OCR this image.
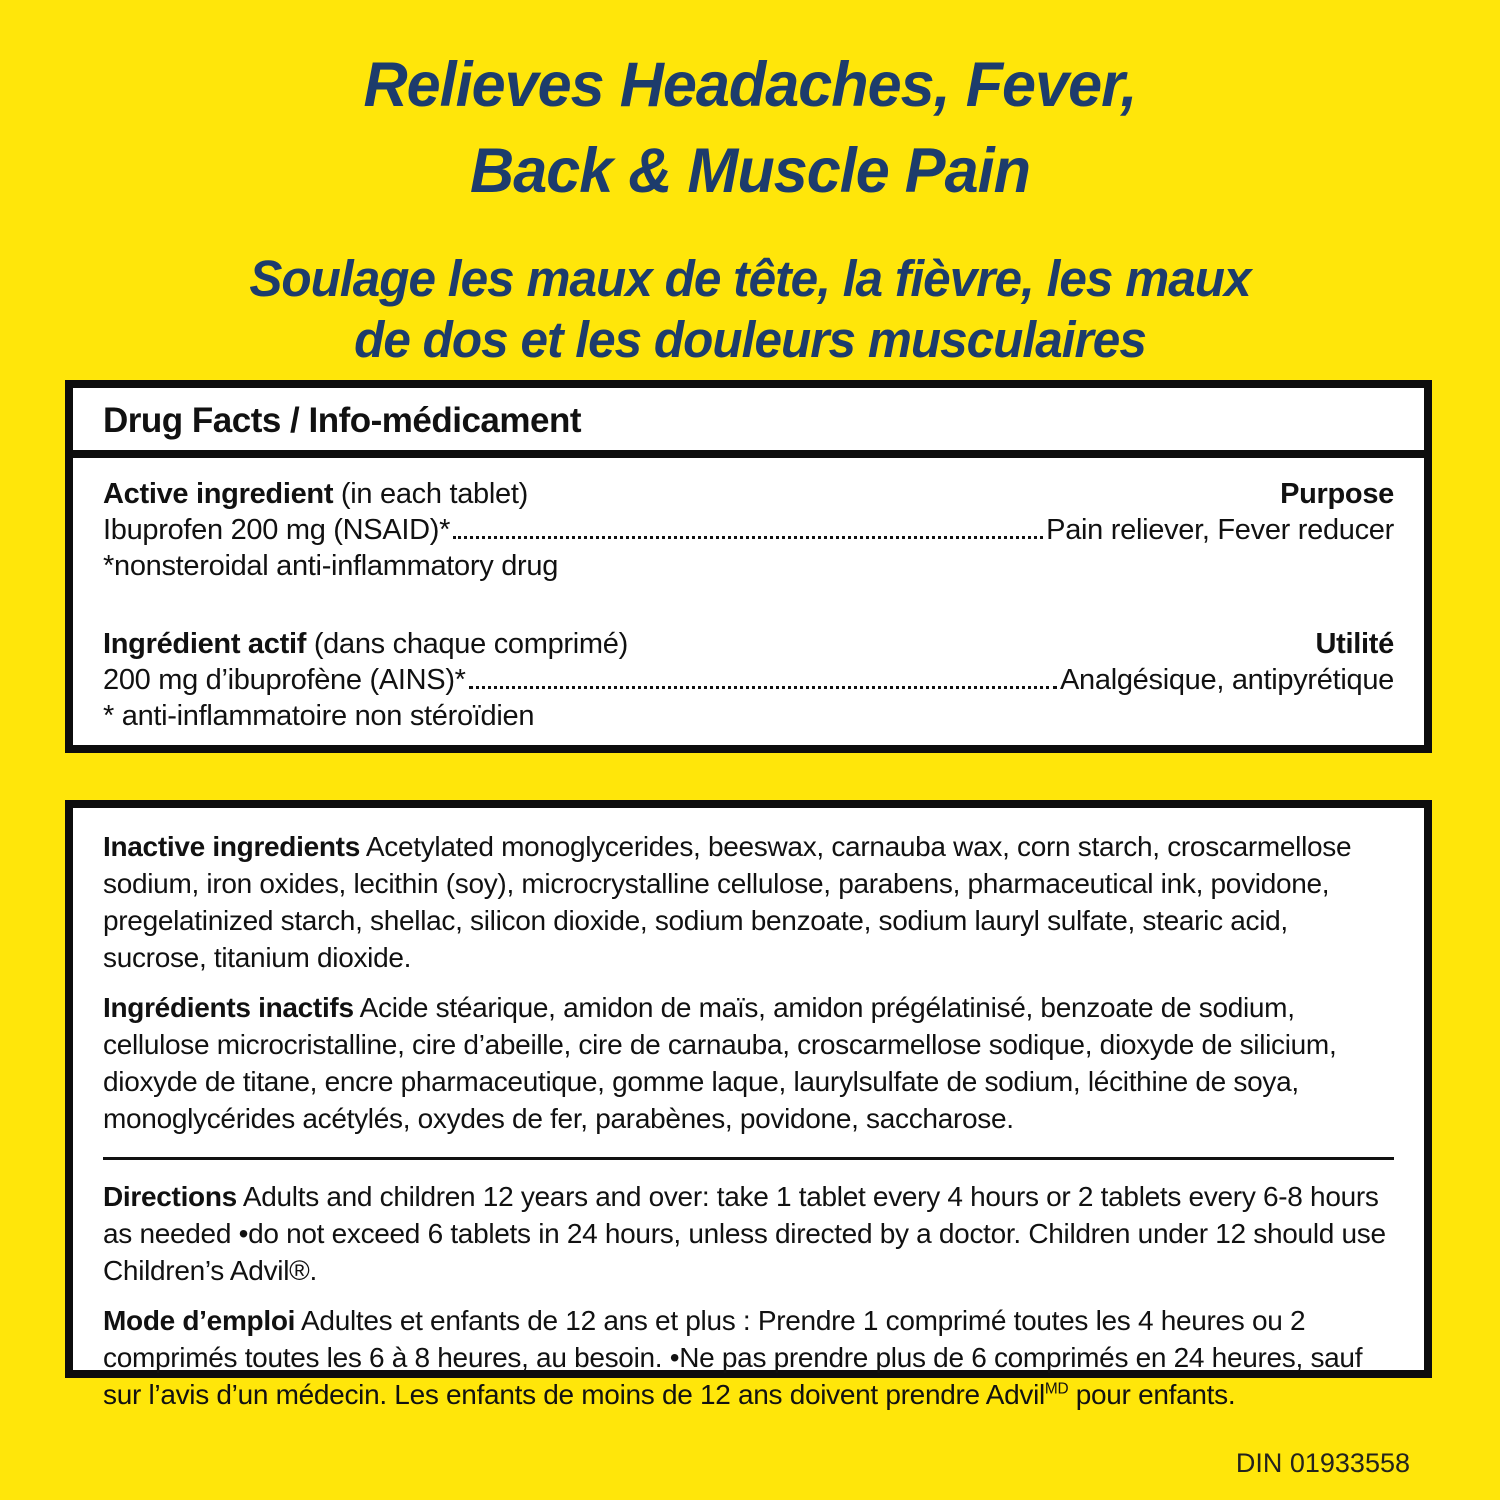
Relieves Headaches, Fever,
Back & Muscle Pain
Soulage les maux de tête, la fièvre, les maux
de dos et les douleurs musculaires
Drug Facts / Info-médicament
Active ingredient (in each tablet)	Purpose
Ibuprofen 200 mg (NSAID)*	Pain reliever, Fever reducer
*nonsteroidal anti-inflammatory drug
Ingrédient actif (dans chaque comprimé)	Utilité
200 mg d’ibuprofène (AINS)*	Analgésique, antipyrétique
* anti-inflammatoire non stéroïdien

Inactive ingredients Acetylated monoglycerides, beeswax, carnauba wax, corn starch, croscarmellose sodium, iron oxides, lecithin (soy), microcrystalline cellulose, parabens, pharmaceutical ink, povidone, pregelatinized starch, shellac, silicon dioxide, sodium benzoate, sodium lauryl sulfate, stearic acid, sucrose, titanium dioxide.

Ingrédients inactifs Acide stéarique, amidon de maïs, amidon prégélatinisé, benzoate de sodium, cellulose microcristalline, cire d’abeille, cire de carnauba, croscarmellose sodique, dioxyde de silicium, dioxyde de titane, encre pharmaceutique, gomme laque, laurylsulfate de sodium, lécithine de soya, monoglycérides acétylés, oxydes de fer, parabènes, povidone, saccharose.

Directions Adults and children 12 years and over: take 1 tablet every 4 hours or 2 tablets every 6-8 hours as needed •do not exceed 6 tablets in 24 hours, unless directed by a doctor. Children under 12 should use Children’s Advil®.

Mode d’emploi Adultes et enfants de 12 ans et plus : Prendre 1 comprimé toutes les 4 heures ou 2 comprimés toutes les 6 à 8 heures, au besoin. •Ne pas prendre plus de 6 comprimés en 24 heures, sauf sur l’avis d’un médecin. Les enfants de moins de 12 ans doivent prendre Advil$^{MD}$ pour enfants.

DIN 01933558
